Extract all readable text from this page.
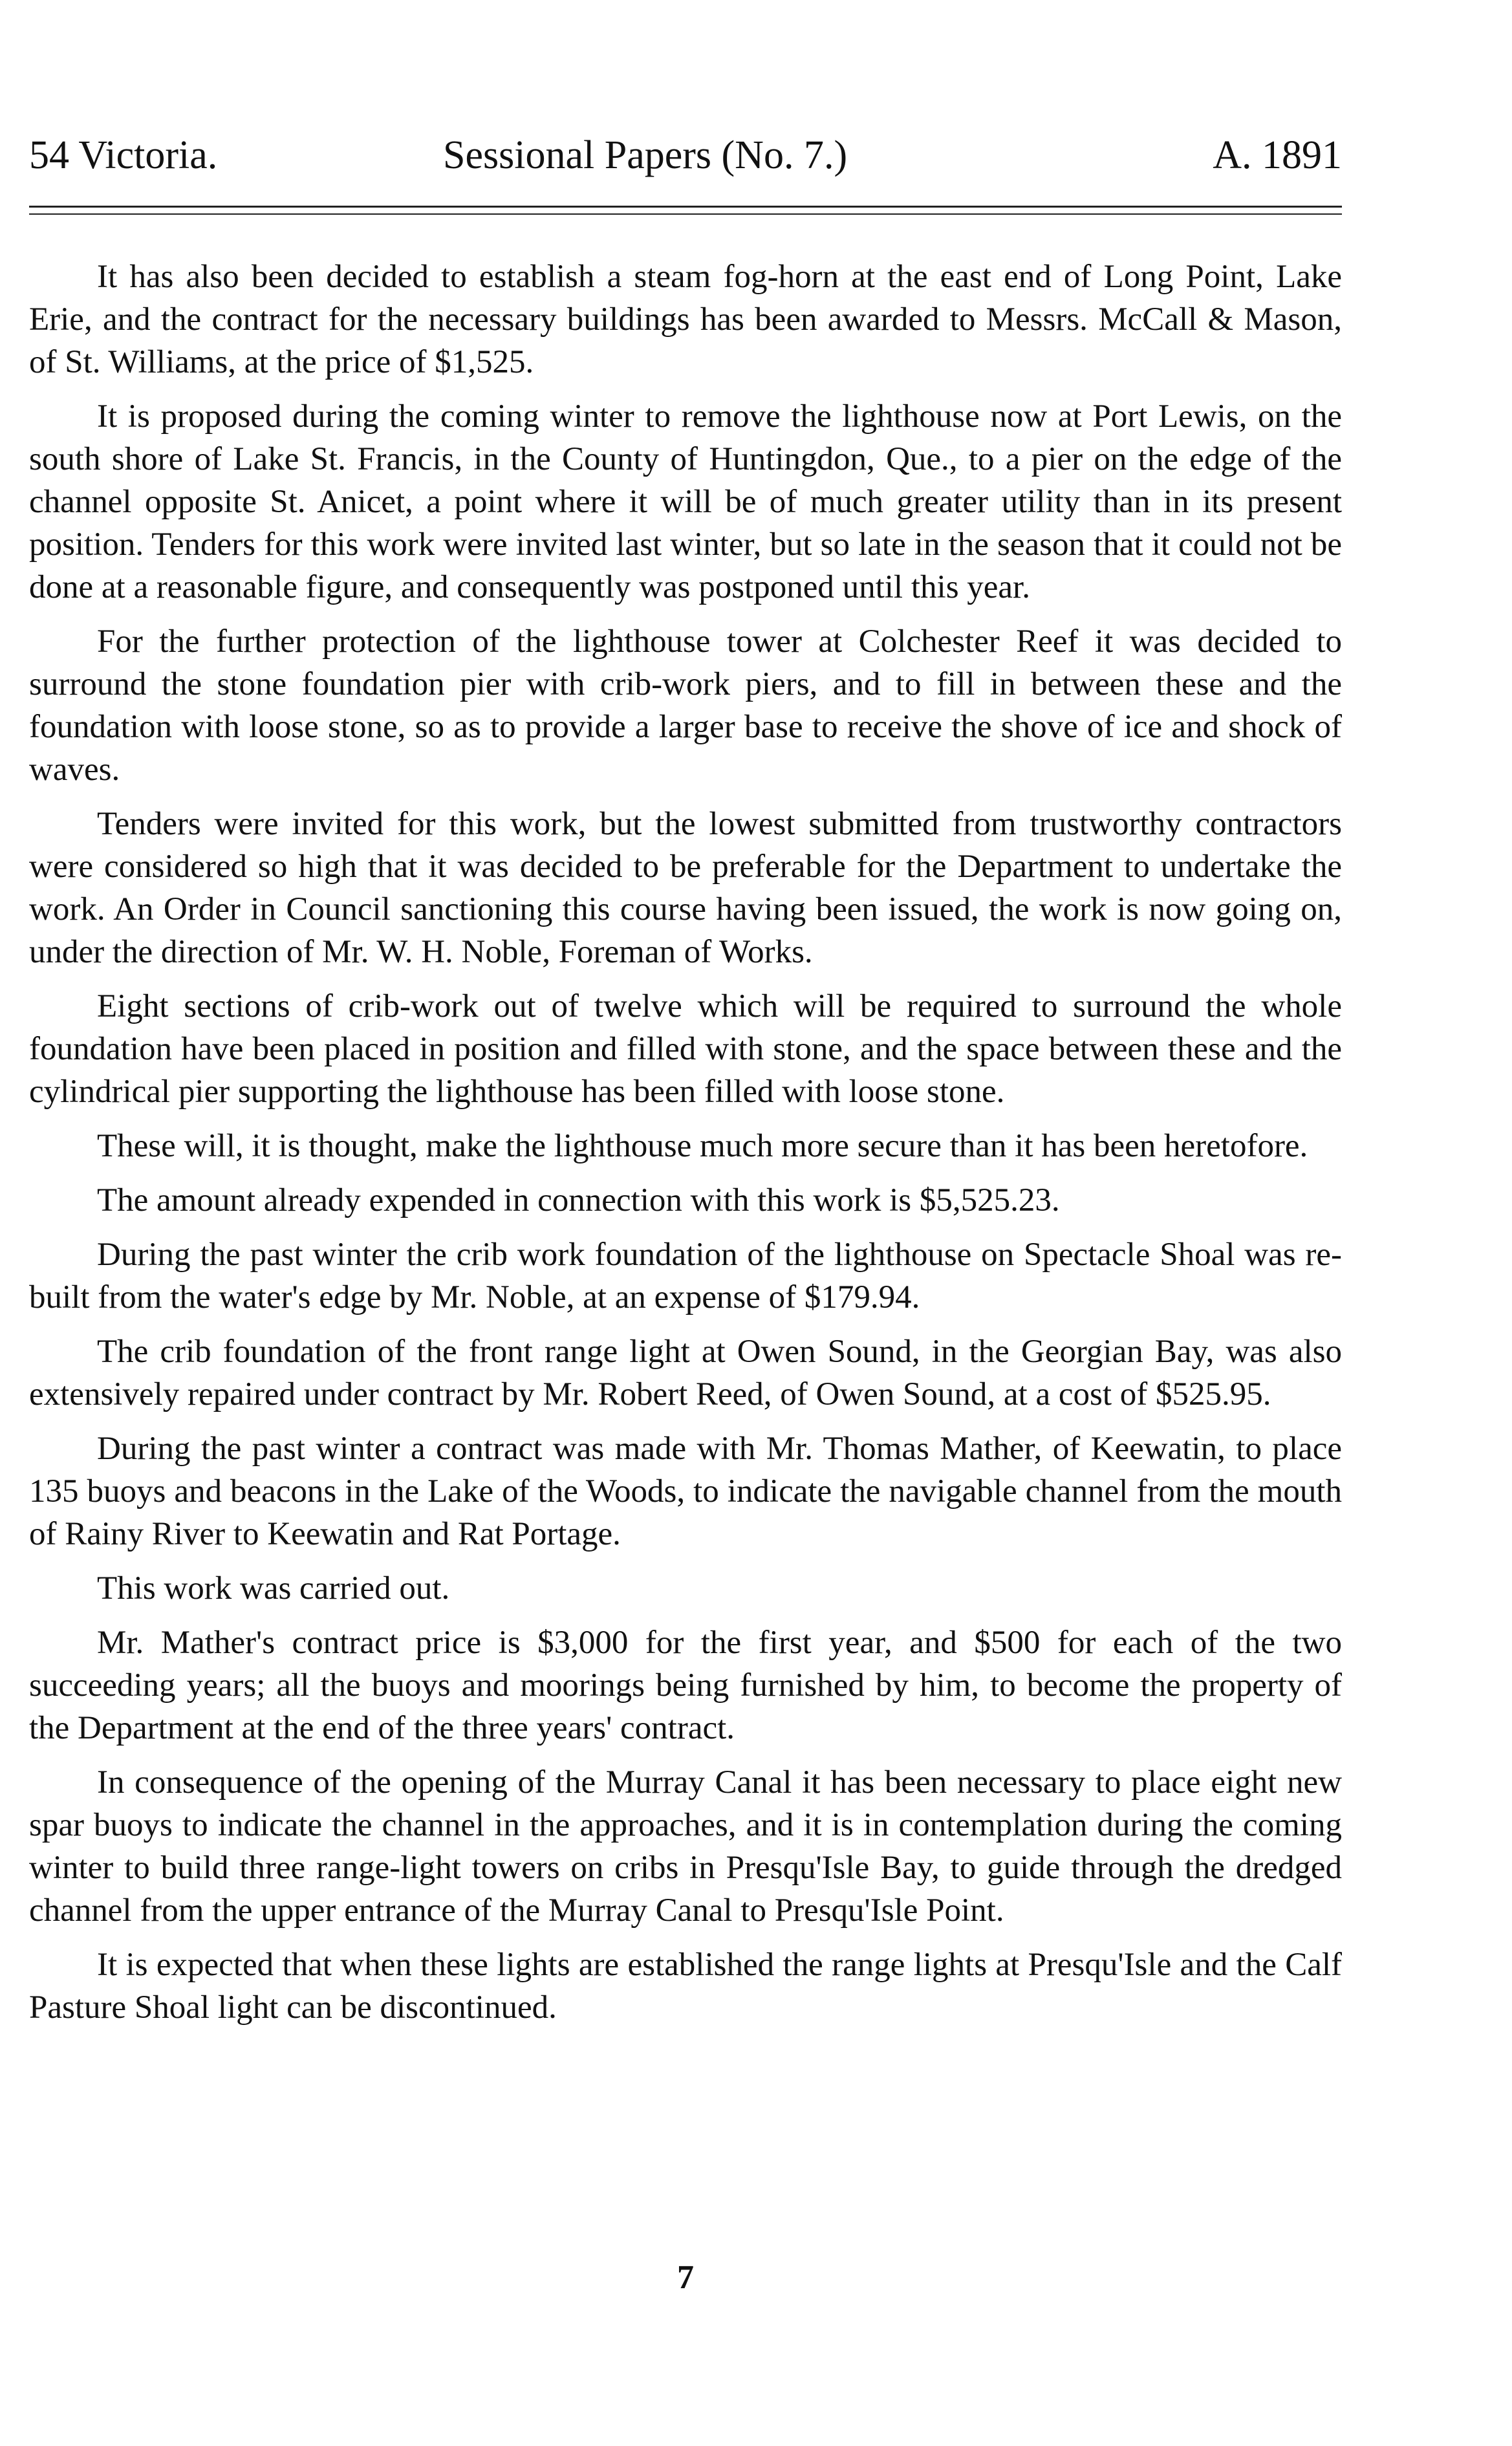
54 Victoria.	Sessional Papers (No. 7.)	A. 1891

It has also been decided to establish a steam fog-horn at the east end of Long Point, Lake Erie, and the contract for the necessary buildings has been awarded to Messrs. McCall & Mason, of St. Williams, at the price of $1,525.

It is proposed during the coming winter to remove the lighthouse now at Port Lewis, on the south shore of Lake St. Francis, in the County of Huntingdon, Que., to a pier on the edge of the channel opposite St. Anicet, a point where it will be of much greater utility than in its present position. Tenders for this work were invited last winter, but so late in the season that it could not be done at a reasonable figure, and consequently was postponed until this year.

For the further protection of the lighthouse tower at Colchester Reef it was decided to surround the stone foundation pier with crib-work piers, and to fill in between these and the foundation with loose stone, so as to provide a larger base to receive the shove of ice and shock of waves.

Tenders were invited for this work, but the lowest submitted from trustworthy contractors were considered so high that it was decided to be preferable for the Department to undertake the work. An Order in Council sanctioning this course having been issued, the work is now going on, under the direction of Mr. W. H. Noble, Foreman of Works.

Eight sections of crib-work out of twelve which will be required to surround the whole foundation have been placed in position and filled with stone, and the space between these and the cylindrical pier supporting the lighthouse has been filled with loose stone.

These will, it is thought, make the lighthouse much more secure than it has been heretofore.

The amount already expended in connection with this work is $5,525.23.

During the past winter the crib work foundation of the lighthouse on Spectacle Shoal was re-built from the water's edge by Mr. Noble, at an expense of $179.94.

The crib foundation of the front range light at Owen Sound, in the Georgian Bay, was also extensively repaired under contract by Mr. Robert Reed, of Owen Sound, at a cost of $525.95.

During the past winter a contract was made with Mr. Thomas Mather, of Keewatin, to place 135 buoys and beacons in the Lake of the Woods, to indicate the navigable channel from the mouth of Rainy River to Keewatin and Rat Portage.

This work was carried out.

Mr. Mather's contract price is $3,000 for the first year, and $500 for each of the two succeeding years; all the buoys and moorings being furnished by him, to become the property of the Department at the end of the three years' contract.

In consequence of the opening of the Murray Canal it has been necessary to place eight new spar buoys to indicate the channel in the approaches, and it is in contemplation during the coming winter to build three range-light towers on cribs in Presqu'Isle Bay, to guide through the dredged channel from the upper entrance of the Murray Canal to Presqu'Isle Point.

It is expected that when these lights are established the range lights at Presqu'Isle and the Calf Pasture Shoal light can be discontinued.

7
